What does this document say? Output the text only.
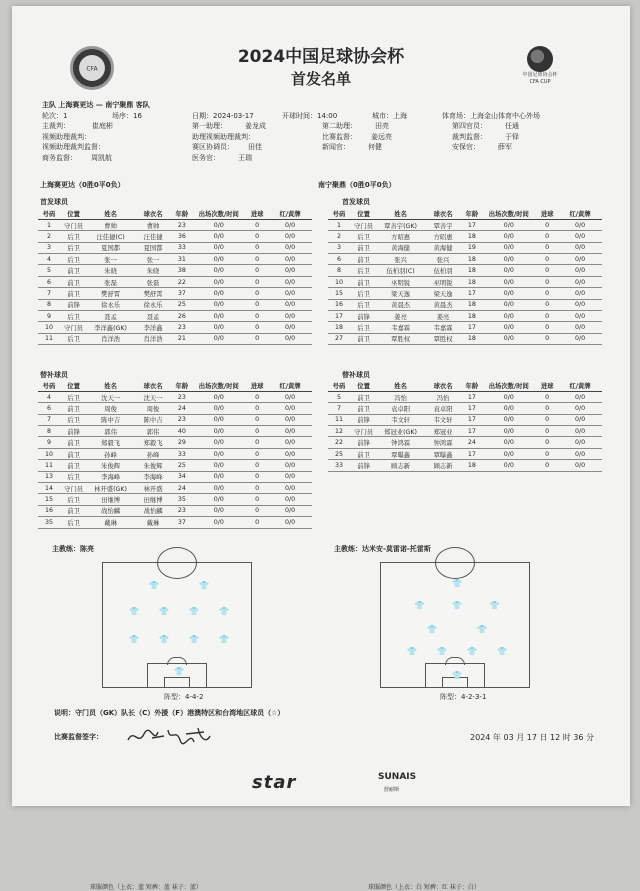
CFA
中国足球协会杯
CFA CUP
2024中国足球协会杯
首发名单
主队 上海赛更达 — 南宁聚鼎 客队
轮次：1	场序：16	日期：2024-03-17	开球时间：14:00	城市：上海	体育场：上海金山体育中心外场
主裁判：	崔庭彬	第一助理：	姜龙成	第二助理：	田亮	第四官员：	任通
视频助理裁判：	助理视频助理裁判：	比赛监督： 姜远亮	裁判监督：	于铎
视频助理裁判监督：	赛区协调员： 田佳	新闻官：	何健	安保官：	薛军
商务监督： 周凯航	医务官：	王瑞
上海赛更达（0胜0平0负）
球服颜色（上衣：蓝 短裤：蓝 袜子：蓝）
南宁聚鼎（0胜0平0负）
球服颜色（上衣：白 短裤：红 袜子：白）
首发球员	首发球员
号码	位置	姓名	球衣名	年龄	出场次数/时间	进球	红/黄牌
1	守门员	曹帅	曹帅	23	0/0	0	0/0
2	后卫	汪佳捷(C)	汪佳捷	36	0/0	0	0/0
3	后卫	夏国都	夏国都	33	0/0	0	0/0
4	后卫	张一	张一	31	0/0	0	0/0
5	前卫	朱晓	朱晓	38	0/0	0	0/0
6	前卫	张磊	张磊	22	0/0	0	0/0
7	前卫	樊舒霄	樊舒霄	37	0/0	0	0/0
8	前锋	徐永乐	徐永乐	25	0/0	0	0/0
9	后卫	聂孟	聂孟	26	0/0	0	0/0
10	守门员	李洋鑫(GK)	李洋鑫	23	0/0	0	0/0
11	后卫	肖洋浩	肖洋浩	21	0/0	0	0/0
号码	位置	姓名	球衣名	年龄	出场次数/时间	进球	红/黄牌
1	守门员	覃善宇(GK)	覃善宇	17	0/0	0	0/0
2	后卫	方昭惠	方昭惠	18	0/0	0	0/0
3	前卫	黄海健	黄海健	19	0/0	0	0/0
6	前卫	张兴	张兴	18	0/0	0	0/0
8	后卫	伍柏羽(C)	伍柏羽	18	0/0	0	0/0
10	前卫	巫明锐	巫明锐	18	0/0	0	0/0
15	后卫	梁天逸	梁天逸	17	0/0	0	0/0
16	后卫	黄晨杰	黄晨杰	18	0/0	0	0/0
17	前锋	姜亮	姜亮	18	0/0	0	0/0
18	后卫	韦嘉霖	韦嘉霖	17	0/0	0	0/0
27	前卫	覃胜权	覃胜权	18	0/0	0	0/0
替补球员	替补球员
号码	位置	姓名	球衣名	年龄	出场次数/时间	进球	红/黄牌
4	后卫	沈天一	沈天一	23	0/0	0	0/0
6	前卫	周俊	周俊	24	0/0	0	0/0
7	后卫	陈中吉	陈中吉	23	0/0	0	0/0
8	前锋	郭伟	郭伟	40	0/0	0	0/0
9	前卫	郑毅飞	郑毅飞	29	0/0	0	0/0
10	前卫	孙峰	孙峰	33	0/0	0	0/0
11	前卫	朱俊辉	朱俊辉	25	0/0	0	0/0
13	后卫	李海峰	李海峰	34	0/0	0	0/0
14	守门员	林开盛(GK)	林开盛	24	0/0	0	0/0
15	后卫	田继博	田继博	35	0/0	0	0/0
16	前卫	战怡麟	战怡麟	23	0/0	0	0/0
35	后卫	戴琳	戴琳	37	0/0	0	0/0
号码	位置	姓名	球衣名	年龄	出场次数/时间	进球	红/黄牌
5	前卫	冯怡	冯怡	17	0/0	0	0/0
7	前卫	袁卓阳	袁卓阳	17	0/0	0	0/0
11	前锋	韦文轩	韦文轩	17	0/0	0	0/0
12	守门员	郑冠业(GK)	郑冠业	17	0/0	0	0/0
22	前锋	钟鸿霖	钟鸿霖	24	0/0	0	0/0
25	前卫	覃曝鑫	覃曝鑫	17	0/0	0	0/0
33	前锋	顾志新	顾志新	18	0/0	0	0/0
主教练：陈亮	主教练：达米安-莫雷诺-托雷斯
👕	👕
👕	👕	👕	👕
👕	👕	👕	👕
👕
👕
👕	👕	👕
👕	👕
👕	👕	👕	👕
👕
阵型：4-4-2	阵型：4-2-3-1
说明：守门员（GK）队长（C）外援（F）港澳特区和台湾地区球员（☆）
比赛监督签字：	2024 年 03 月 17 日 12 时 36 分
star	SUNAIS
舒耐斯
